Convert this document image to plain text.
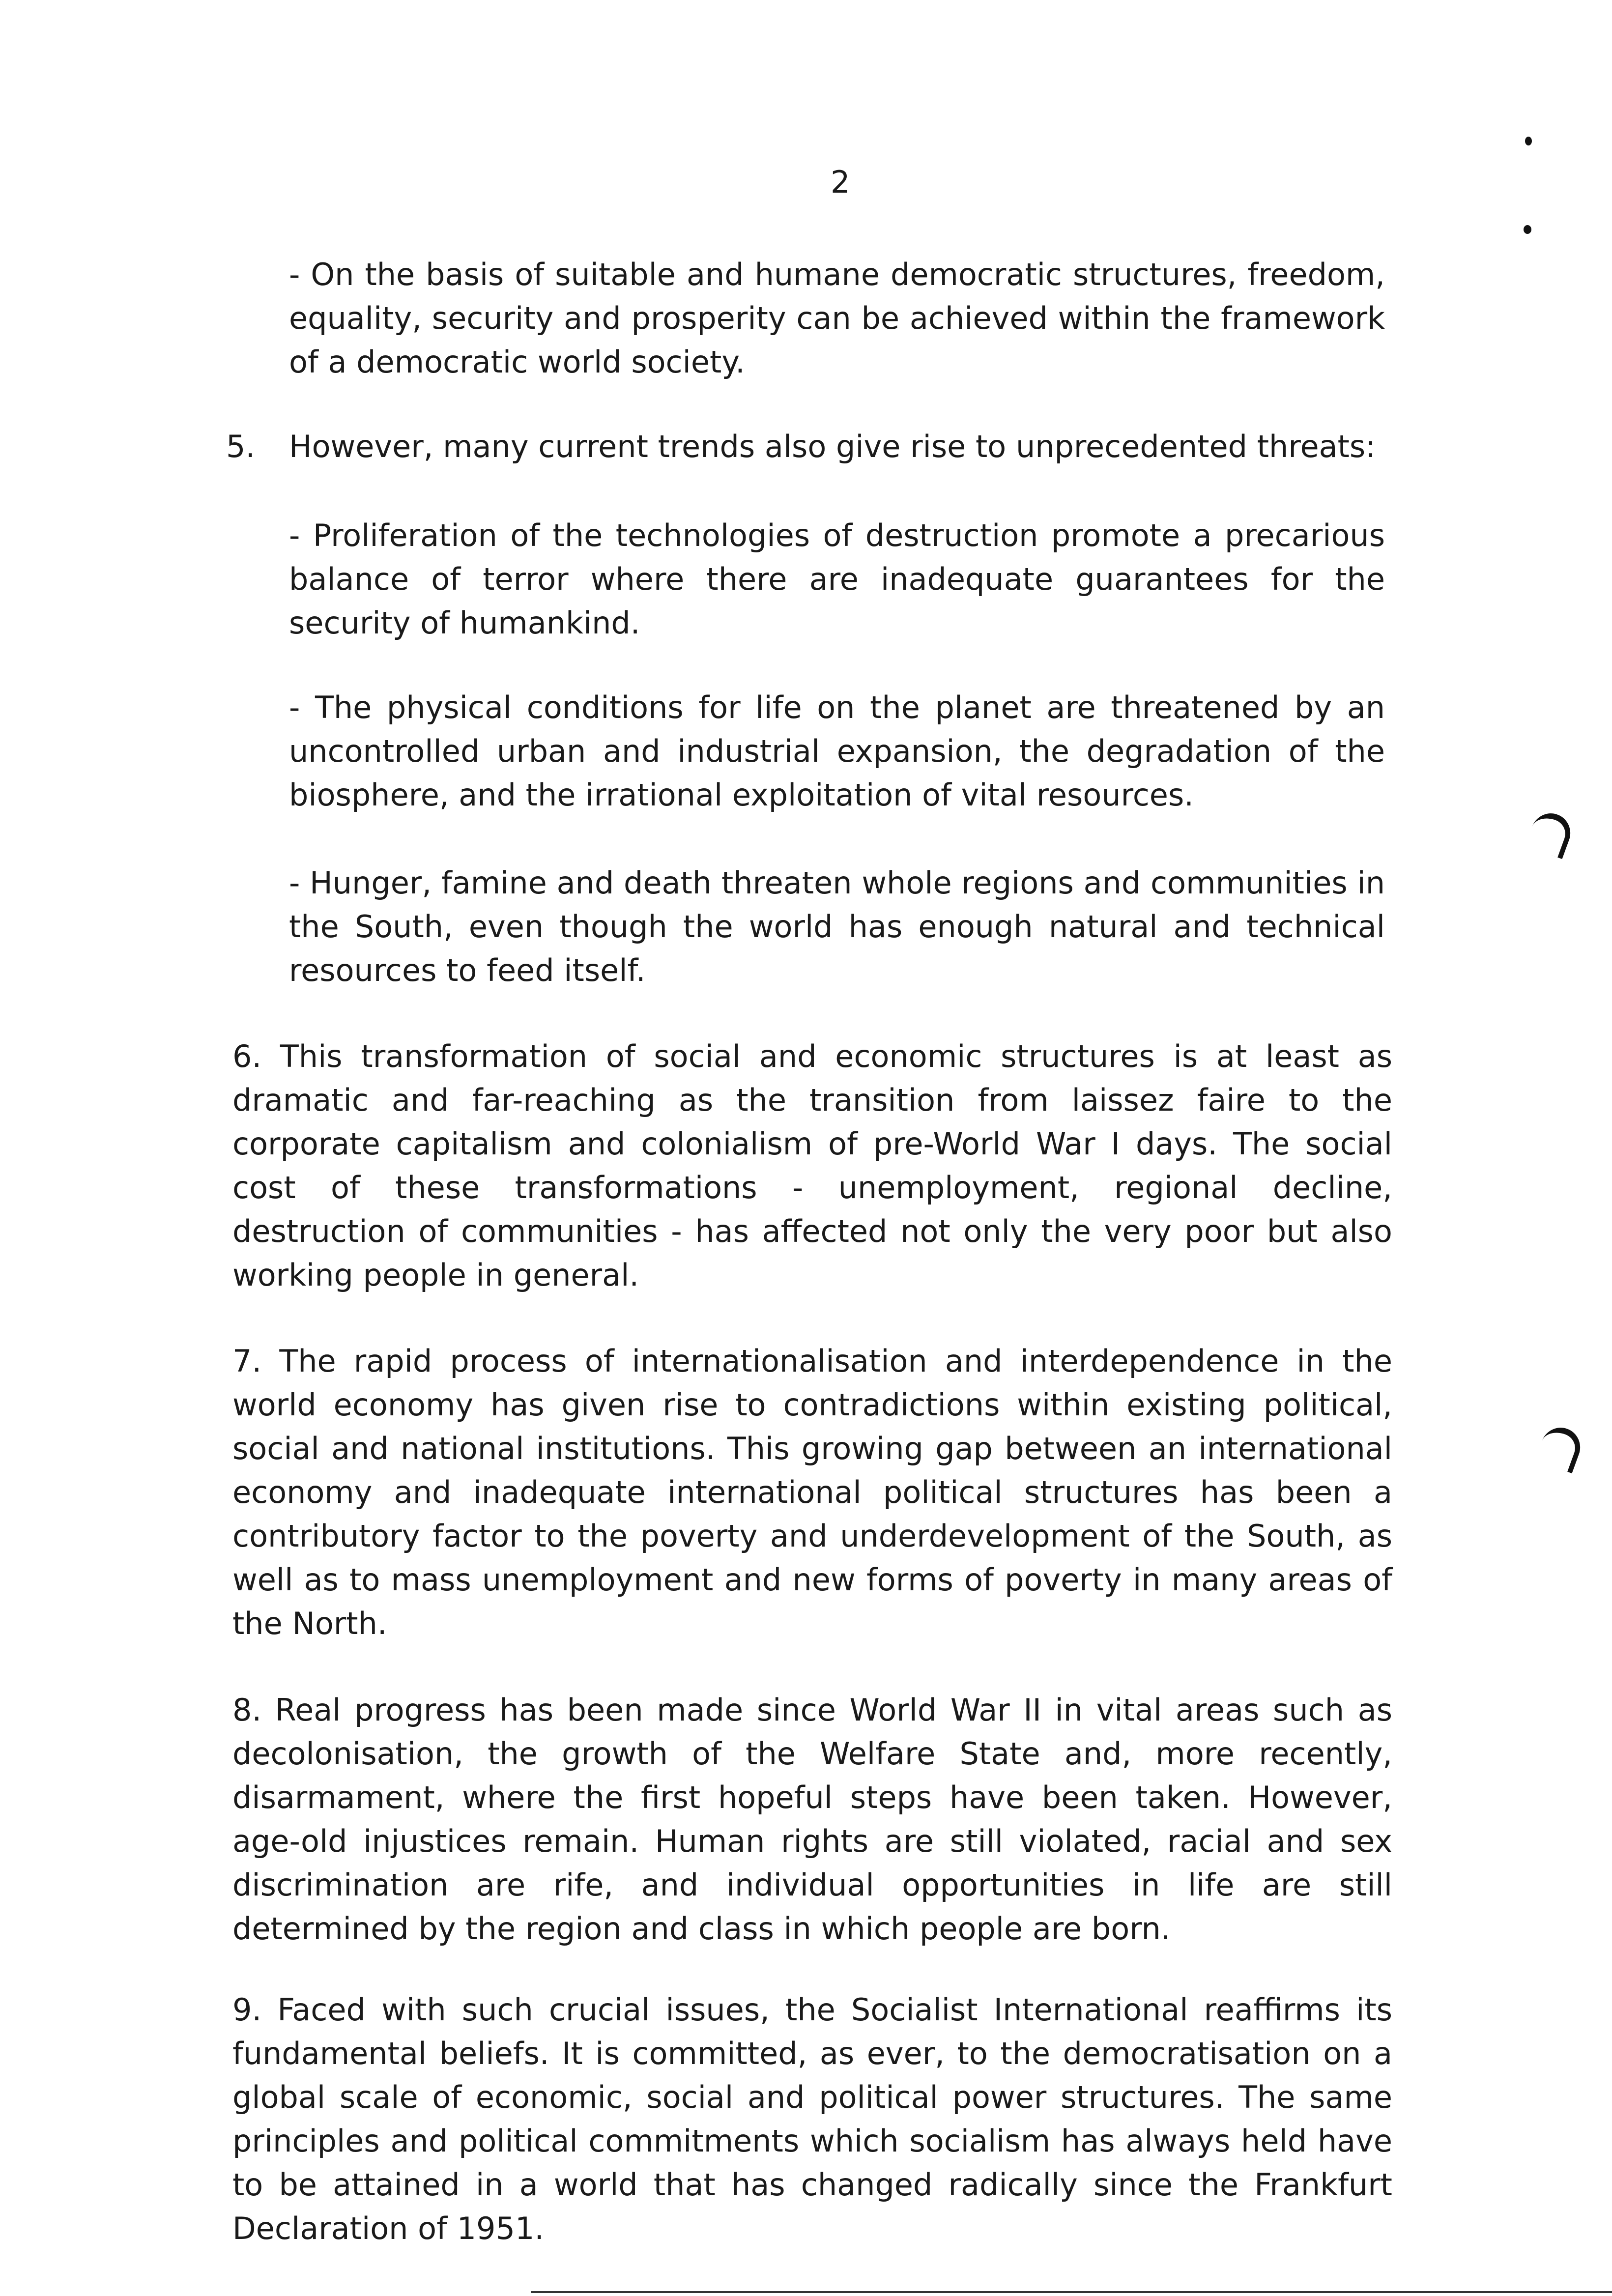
2
- On the basis of suitable and humane democratic structures, freedom, equality, security and prosperity can be achieved within the framework of a democratic world society.
5. However, many current trends also give rise to unprecedented threats:
- Proliferation of the technologies of destruction promote a precarious balance of terror where there are inadequate guarantees for the security of humankind.
- The physical conditions for life on the planet are threatened by an uncontrolled urban and industrial expansion, the degradation of the biosphere, and the irrational exploitation of vital resources.
- Hunger, famine and death threaten whole regions and communities in the South, even though the world has enough natural and technical resources to feed itself.
6. This transformation of social and economic structures is at least as dramatic and far-reaching as the transition from laissez faire to the corporate capitalism and colonialism of pre-World War I days. The social cost of these transformations - unemployment, regional decline, destruction of communities - has affected not only the very poor but also working people in general.
7. The rapid process of internationalisation and interdependence in the world economy has given rise to contradictions within existing political, social and national institutions. This growing gap between an international economy and inadequate international political structures has been a contributory factor to the poverty and underdevelopment of the South, as well as to mass unemployment and new forms of poverty in many areas of the North.
8. Real progress has been made since World War II in vital areas such as decolonisation, the growth of the Welfare State and, more recently, disarmament, where the first hopeful steps have been taken. However, age-old injustices remain. Human rights are still violated, racial and sex discrimination are rife, and individual opportunities in life are still determined by the region and class in which people are born.
9. Faced with such crucial issues, the Socialist International reaffirms its fundamental beliefs. It is committed, as ever, to the democratisation on a global scale of economic, social and political power structures. The same principles and political commitments which socialism has always held have to be attained in a world that has changed radically since the Frankfurt Declaration of 1951.
